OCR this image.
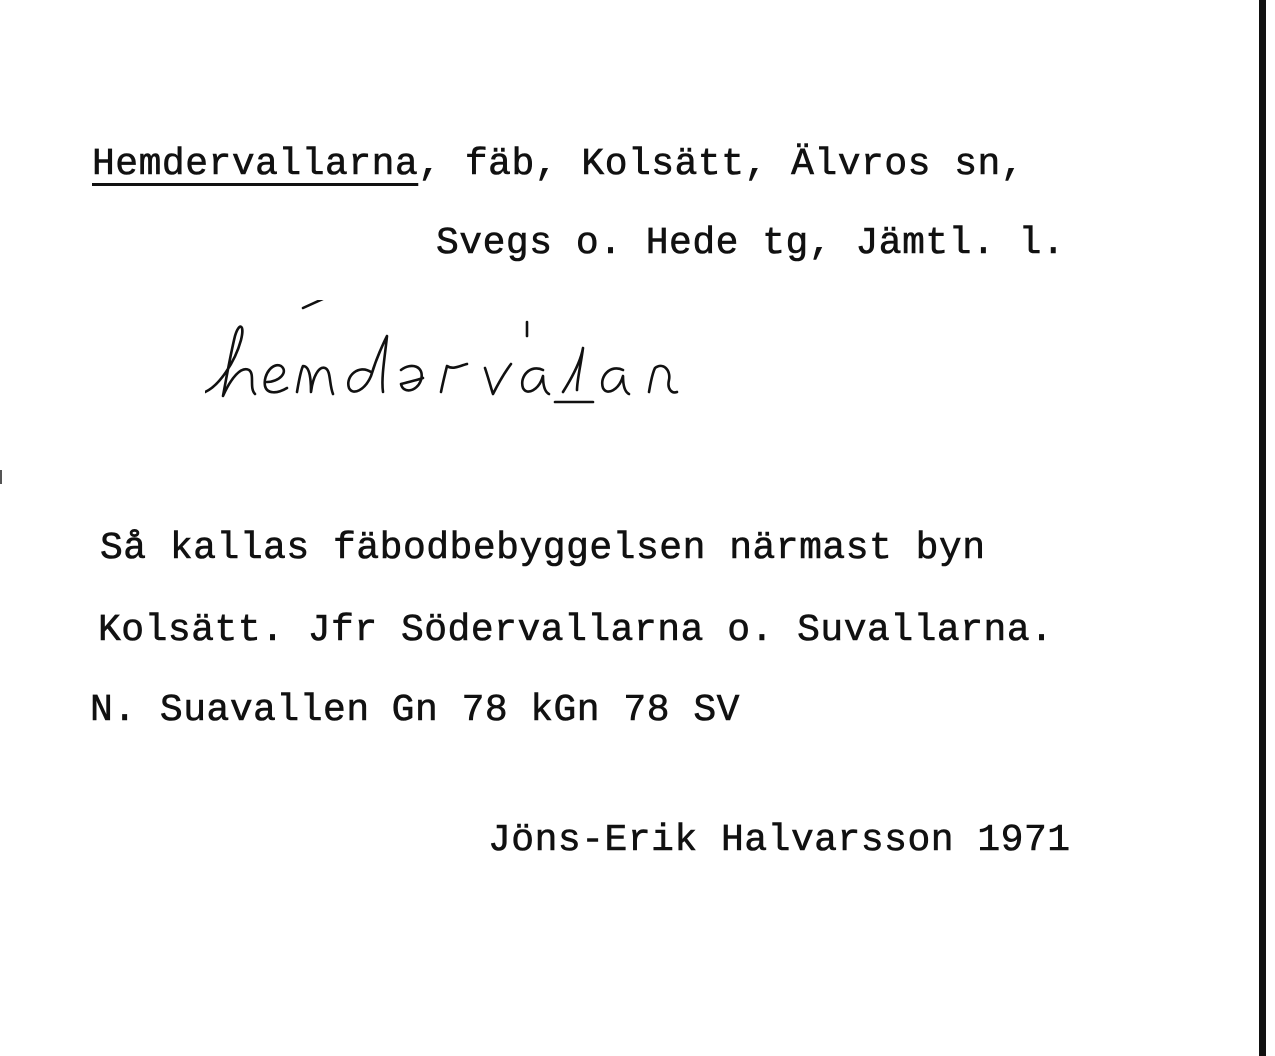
Hemdervallarna, fäb, Kolsätt, Älvros sn,
Svegs o. Hede tg, Jämtl. l.
Så kallas fäbodbebyggelsen närmast byn
Kolsätt. Jfr Södervallarna o. Suvallarna.
N. Suavallen Gn 78 kGn 78 SV
Jöns-Erik Halvarsson 1971
